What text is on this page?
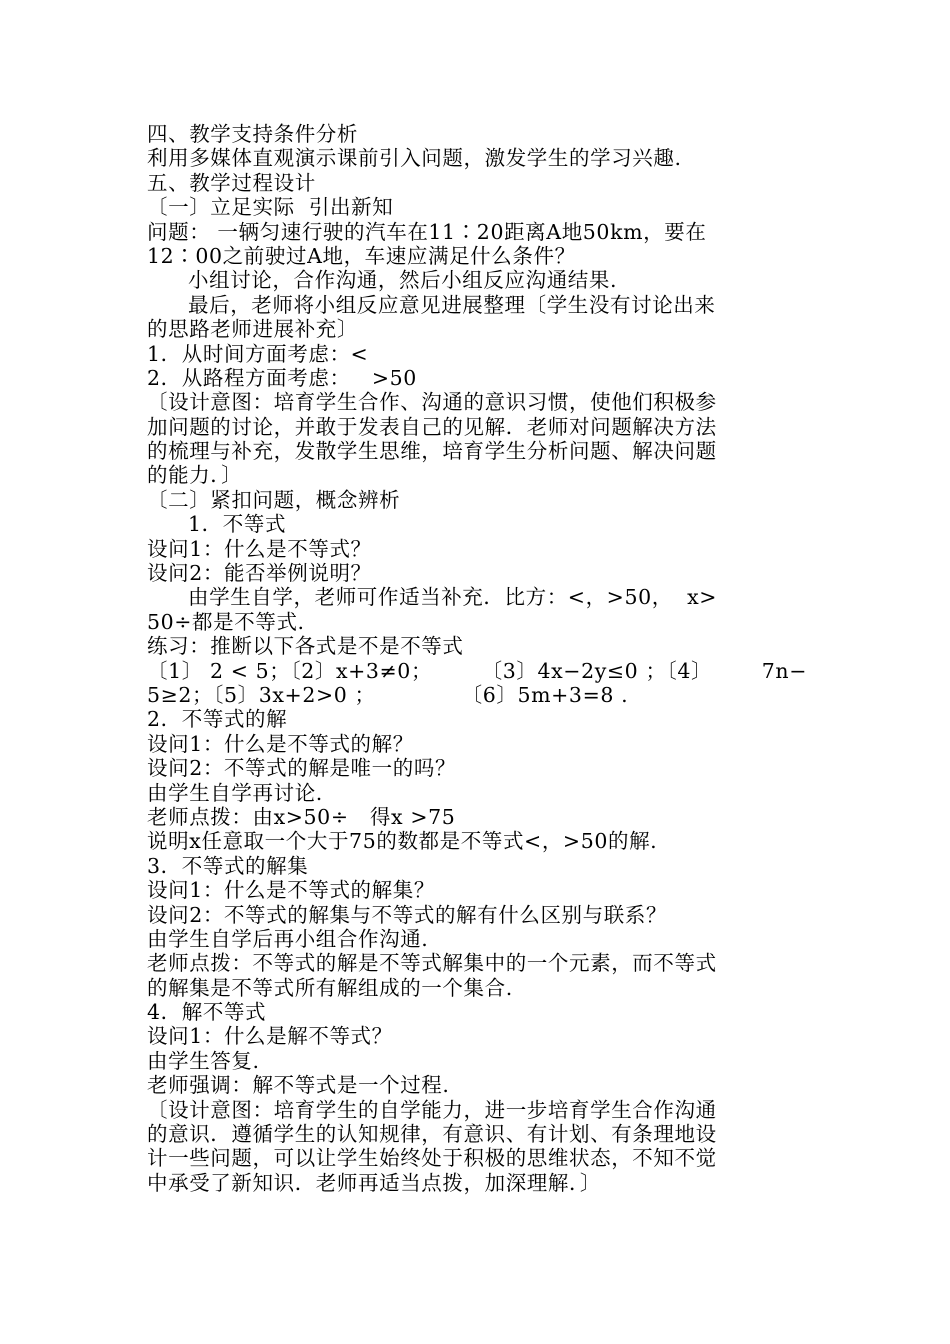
四、教学支持条件分析
利用多媒体直观演示课前引入问题，激发学生的学习兴趣.
五、教学过程设计
〔一〕立足实际  引出新知
问题： 一辆匀速行驶的汽车在11∶20距离A地50km，要在
12∶00之前驶过A地，车速应满足什么条件？
小组讨论，合作沟通，然后小组反应沟通结果.
最后，老师将小组反应意见进展整理〔学生没有讨论出来
的思路老师进展补充〕
1．从时间方面考虑：<
2．从路程方面考虑：   >50
〔设计意图：培育学生合作、沟通的意识习惯，使他们积极参
加问题的讨论，并敢于发表自己的见解．老师对问题解决方法
的梳理与补充，发散学生思维，培育学生分析问题、解决问题
的能力．〕
〔二〕紧扣问题，概念辨析
1．不等式
设问1：什么是不等式？
设问2：能否举例说明？
由学生自学，老师可作适当补充．比方：<，>50，  x>
50÷都是不等式.
练习：推断以下各式是不是不等式
〔1〕 2 < 5；〔2〕x+3≠0； 〔3〕4x−2y≤0 ；〔4〕 7n−
5≥2；〔5〕3x+2>0 ；	〔6〕5m+3=8 .
2．不等式的解
设问1：什么是不等式的解？
设问2：不等式的解是唯一的吗？
由学生自学再讨论.
老师点拨：由x>50÷   得x >75
说明x任意取一个大于75的数都是不等式<，>50的解.
3．不等式的解集
设问1：什么是不等式的解集？
设问2：不等式的解集与不等式的解有什么区别与联系？
由学生自学后再小组合作沟通.
老师点拨：不等式的解是不等式解集中的一个元素，而不等式
的解集是不等式所有解组成的一个集合.
4．解不等式
设问1：什么是解不等式？
由学生答复.
老师强调：解不等式是一个过程.
〔设计意图：培育学生的自学能力，进一步培育学生合作沟通
的意识．遵循学生的认知规律，有意识、有计划、有条理地设
计一些问题，可以让学生始终处于积极的思维状态，不知不觉
中承受了新知识．老师再适当点拨，加深理解．〕
